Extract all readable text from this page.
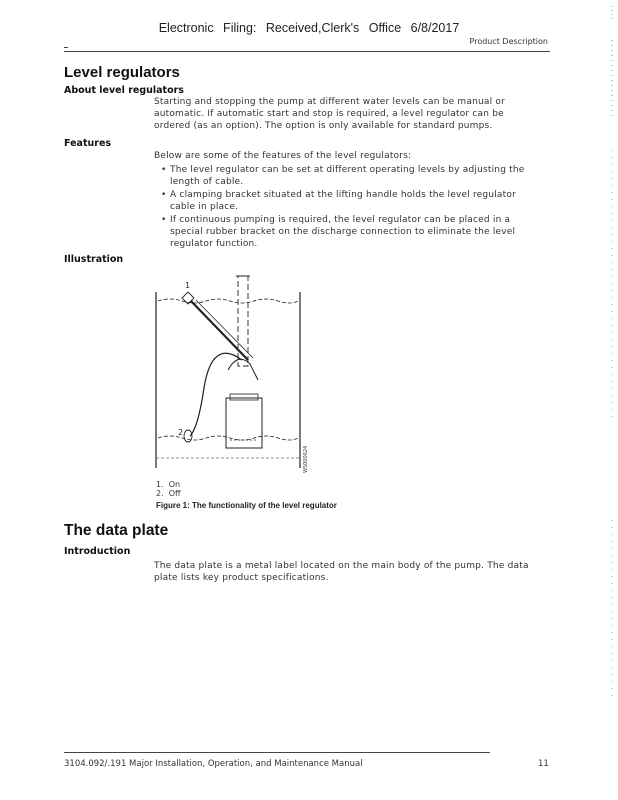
Electronic Filing: Received,Clerk's Office 6/8/2017
Product Description
Level regulators
About level regulators
Starting and stopping the pump at different water levels can be manual or
automatic. If automatic start and stop is required, a level regulator can be
ordered (as an option). The option is only available for standard pumps.
Features
Below are some of the features of the level regulators:
• The level regulator can be set at different operating levels by adjusting the
length of cable.
• A clamping bracket situated at the lifting handle holds the level regulator
cable in place.
• If continuous pumping is required, the level regulator can be placed in a
special rubber bracket on the discharge connection to eliminate the level
regulator function.
Illustration
1
2
WS000024
1. On
2. Off
Figure 1: The functionality of the level regulator
The data plate
Introduction
The data plate is a metal label located on the main body of the pump. The data
plate lists key product specifications.
3104.092/.191 Major Installation, Operation, and Maintenance Manual	11
